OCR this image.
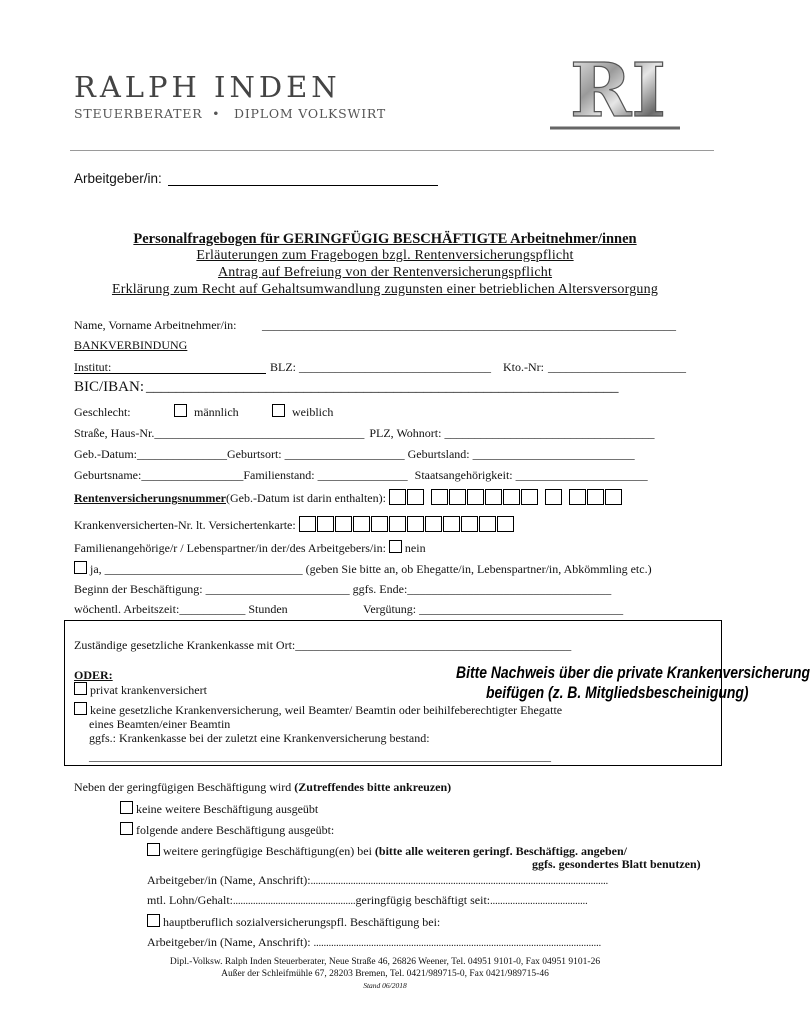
RALPH INDEN
STEUERBERATER • DIPLOM VOLKSWIRT RI
Arbeitgeber/in:
Personalfragebogen für GERINGFÜGIG BESCHÄFTIGTE Arbeitnehmer/innen
Erläuterungen zum Fragebogen bzgl. Rentenversicherungspflicht
Antrag auf Befreiung von der Rentenversicherungspflicht
Erklärung zum Recht auf Gehaltsumwandlung zugunsten einer betrieblichen Altersversorgung
Name, Vorname Arbeitnehmer/in: _____________________________________________________________________
BANKVERBINDUNG
Institut:	BLZ: ________________________________ Kto.-Nr: _______________________
BIC/IBAN: _______________________________________________________________
Geschlecht:	männlich	weiblich
Straße, Haus-Nr.___________________________________ PLZ, Wohnort: ___________________________________
Geb.-Datum:_______________Geburtsort: ____________________ Geburtsland: ___________________________
Geburtsname:_________________Familienstand: _______________ Staatsangehörigkeit: ______________________
Rentenversicherungsnummer(Geb.-Datum ist darin enthalten):
Krankenversicherten-Nr. lt. Versichertenkarte:
Familienangehörige/r / Lebenspartner/in der/des Arbeitgebers/in: nein
ja, _________________________________ (geben Sie bitte an, ob Ehegatte/in, Lebenspartner/in, Abkömmling etc.)
Beginn der Beschäftigung: ________________________ ggfs. Ende:__________________________________
wöchentl. Arbeitszeit:___________ Stunden	Vergütung: __________________________________
Zuständige gesetzliche Krankenkasse mit Ort:______________________________________________
ODER:
privat krankenversichert
Bitte Nachweis über die private Krankenversicherung
beifügen (z. B. Mitgliedsbescheinigung)
keine gesetzliche Krankenversicherung, weil Beamter/ Beamtin oder beihilfeberechtigter Ehegatte
eines Beamten/einer Beamtin
ggfs.: Krankenkasse bei der zuletzt eine Krankenversicherung bestand:
_____________________________________________________________________________
Neben der geringfügigen Beschäftigung wird (Zutreffendes bitte ankreuzen)
keine weitere Beschäftigung ausgeübt
folgende andere Beschäftigung ausgeübt:
weitere geringfügige Beschäftigung(en) bei (bitte alle weiteren geringf. Beschäftigg. angeben/
ggfs. gesondertes Blatt benutzen)
Arbeitgeber/in (Name, Anschrift):.......................................................................................................................
mtl. Lohn/Gehalt:.................................................geringfügig beschäftigt seit:.......................................
hauptberuflich sozialversicherungspfl. Beschäftigung bei:
Arbeitgeber/in (Name, Anschrift): ...................................................................................................................
Dipl.-Volksw. Ralph Inden Steuerberater, Neue Straße 46, 26826 Weener, Tel. 04951 9101-0, Fax 04951 9101-26
Außer der Schleifmühle 67, 28203 Bremen, Tel. 0421/989715-0, Fax 0421/989715-46
Stand 06/2018
